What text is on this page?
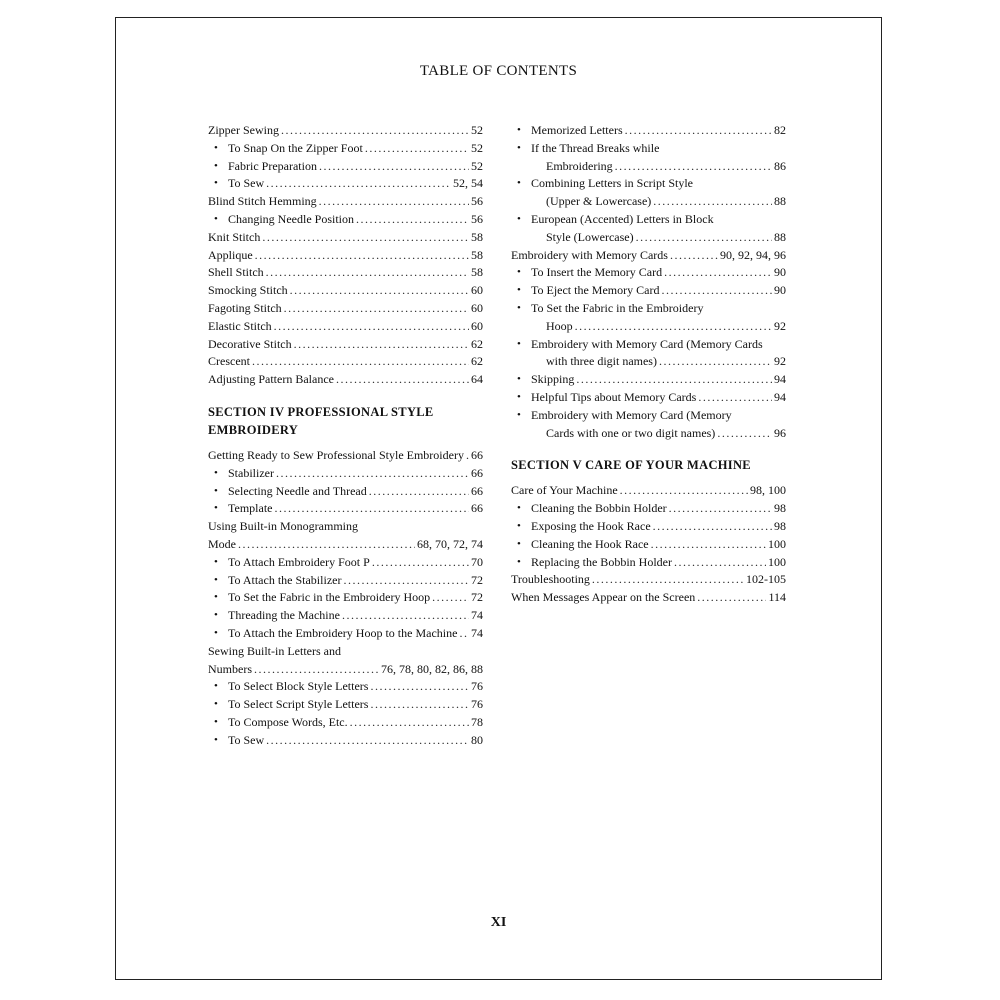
TABLE OF CONTENTS
Zipper Sewing .....	52
• To Snap On the Zipper Foot .....	52
• Fabric Preparation .....	52
• To Sew .....	52, 54
Blind Stitch Hemming .....	56
• Changing Needle Position .....	56
Knit Stitch .....	58
Applique .....	58
Shell Stitch .....	58
Smocking Stitch .....	60
Fagoting Stitch .....	60
Elastic Stitch .....	60
Decorative Stitch .....	62
Crescent .....	62
Adjusting Pattern Balance .....	64
SECTION IV PROFESSIONAL STYLE
EMBROIDERY
Getting Ready to Sew Professional Style Embroidery ..... 66
• Stabilizer .....	66
• Selecting Needle and Thread .....	66
• Template .....	66
Using Built-in Monogramming
Mode .....	68, 70, 72, 74
• To Attach Embroidery Foot P .....	70
• To Attach the Stabilizer .....	72
• To Set the Fabric in the Embroidery Hoop .....	72
• Threading the Machine .....	74
• To Attach the Embroidery Hoop to the Machine ..... 74
Sewing Built-in Letters and
Numbers .....	76, 78, 80, 82, 86, 88
• To Select Block Style Letters .....	76
• To Select Script Style Letters .....	76
• To Compose Words, Etc. .....	78
• To Sew .....	80
• Memorized Letters .....	82
• If the Thread Breaks while
Embroidering .....	86
• Combining Letters in Script Style
(Upper & Lowercase) .....	88
• European (Accented) Letters in Block
Style (Lowercase) .....	88
Embroidery with Memory Cards .....	90, 92, 94, 96
• To Insert the Memory Card .....	90
• To Eject the Memory Card .....	90
• To Set the Fabric in the Embroidery
Hoop .....	92
• Embroidery with Memory Card (Memory Cards
with three digit names) .....	92
• Skipping .....	94
• Helpful Tips about Memory Cards .....	94
• Embroidery with Memory Card (Memory
Cards with one or two digit names) .....	96
SECTION V CARE OF YOUR MACHINE
Care of Your Machine .....	98, 100
• Cleaning the Bobbin Holder .....	98
• Exposing the Hook Race .....	98
• Cleaning the Hook Race .....	100
• Replacing the Bobbin Holder .....	100
Troubleshooting .....	102-105
When Messages Appear on the Screen .....	114
XI
